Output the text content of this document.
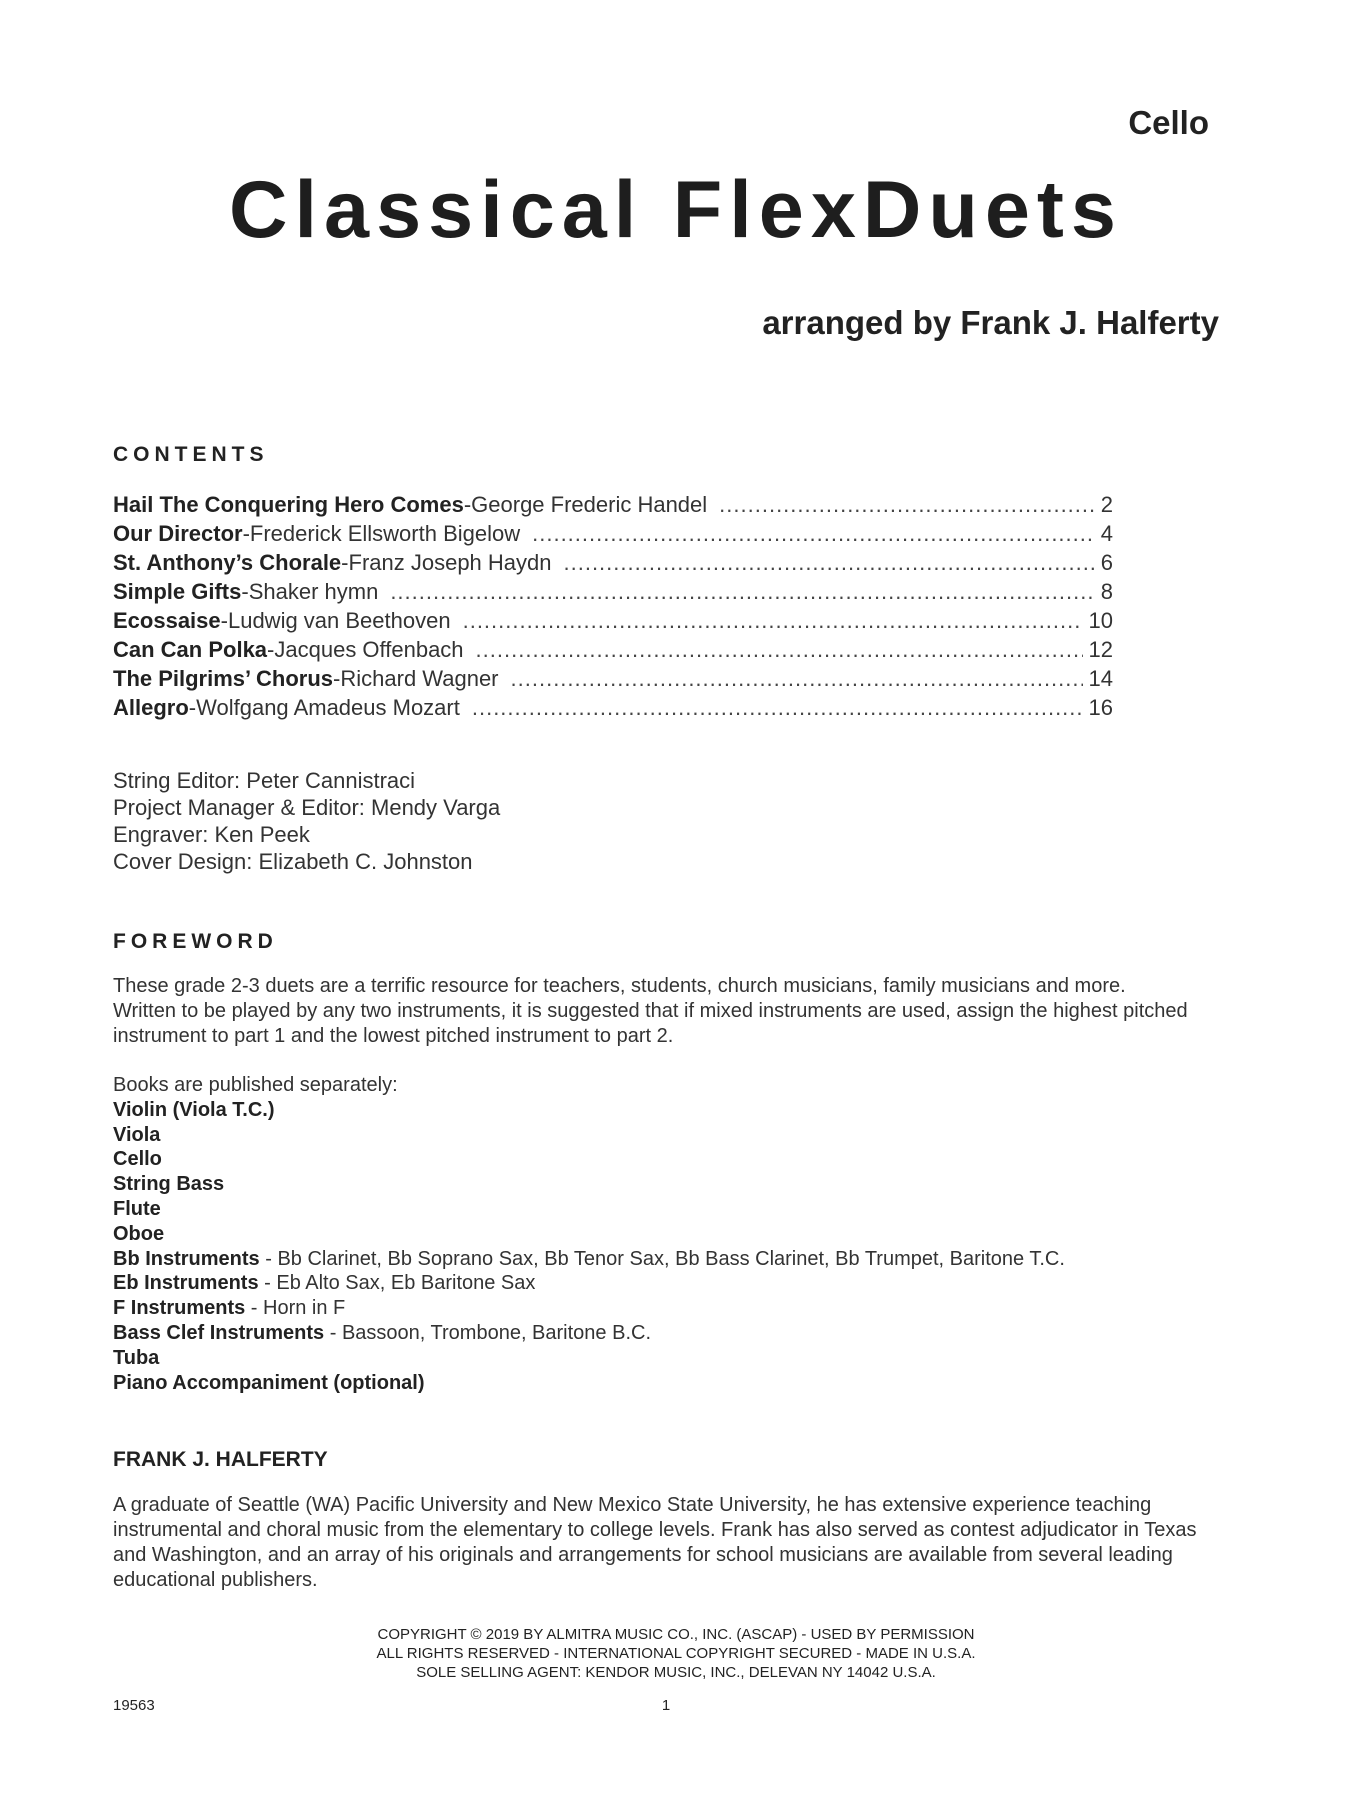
Cello
Classical FlexDuets
arranged by Frank J. Halferty
CONTENTS
Hail The Conquering Hero Comes - George Frederic Handel .....	2
Our Director - Frederick Ellsworth Bigelow .....	4
St. Anthony’s Chorale - Franz Joseph Haydn .....	6
Simple Gifts - Shaker hymn .....	8
Ecossaise - Ludwig van Beethoven .....	10
Can Can Polka - Jacques Offenbach .....	12
The Pilgrims’ Chorus - Richard Wagner .....	14
Allegro - Wolfgang Amadeus Mozart .....	16
String Editor: Peter Cannistraci
Project Manager & Editor: Mendy Varga
Engraver: Ken Peek
Cover Design: Elizabeth C. Johnston
FOREWORD
These grade 2-3 duets are a terrific resource for teachers, students, church musicians, family musicians and more. Written to be played by any two instruments, it is suggested that if mixed instruments are used, assign the highest pitched instrument to part 1 and the lowest pitched instrument to part 2.
Books are published separately:
Violin (Viola T.C.)
Viola
Cello
String Bass
Flute
Oboe
Bb Instruments - Bb Clarinet, Bb Soprano Sax, Bb Tenor Sax, Bb Bass Clarinet, Bb Trumpet, Baritone T.C.
Eb Instruments - Eb Alto Sax, Eb Baritone Sax
F Instruments - Horn in F
Bass Clef Instruments - Bassoon, Trombone, Baritone B.C.
Tuba
Piano Accompaniment (optional)
FRANK J. HALFERTY
A graduate of Seattle (WA) Pacific University and New Mexico State University, he has extensive experience teaching instrumental and choral music from the elementary to college levels. Frank has also served as contest adjudicator in Texas and Washington, and an array of his originals and arrangements for school musicians are available from several leading educational publishers.
COPYRIGHT © 2019 BY ALMITRA MUSIC CO., INC. (ASCAP) - USED BY PERMISSION
ALL RIGHTS RESERVED - INTERNATIONAL COPYRIGHT SECURED - MADE IN U.S.A.
SOLE SELLING AGENT: KENDOR MUSIC, INC., DELEVAN NY 14042 U.S.A.
19563	1
